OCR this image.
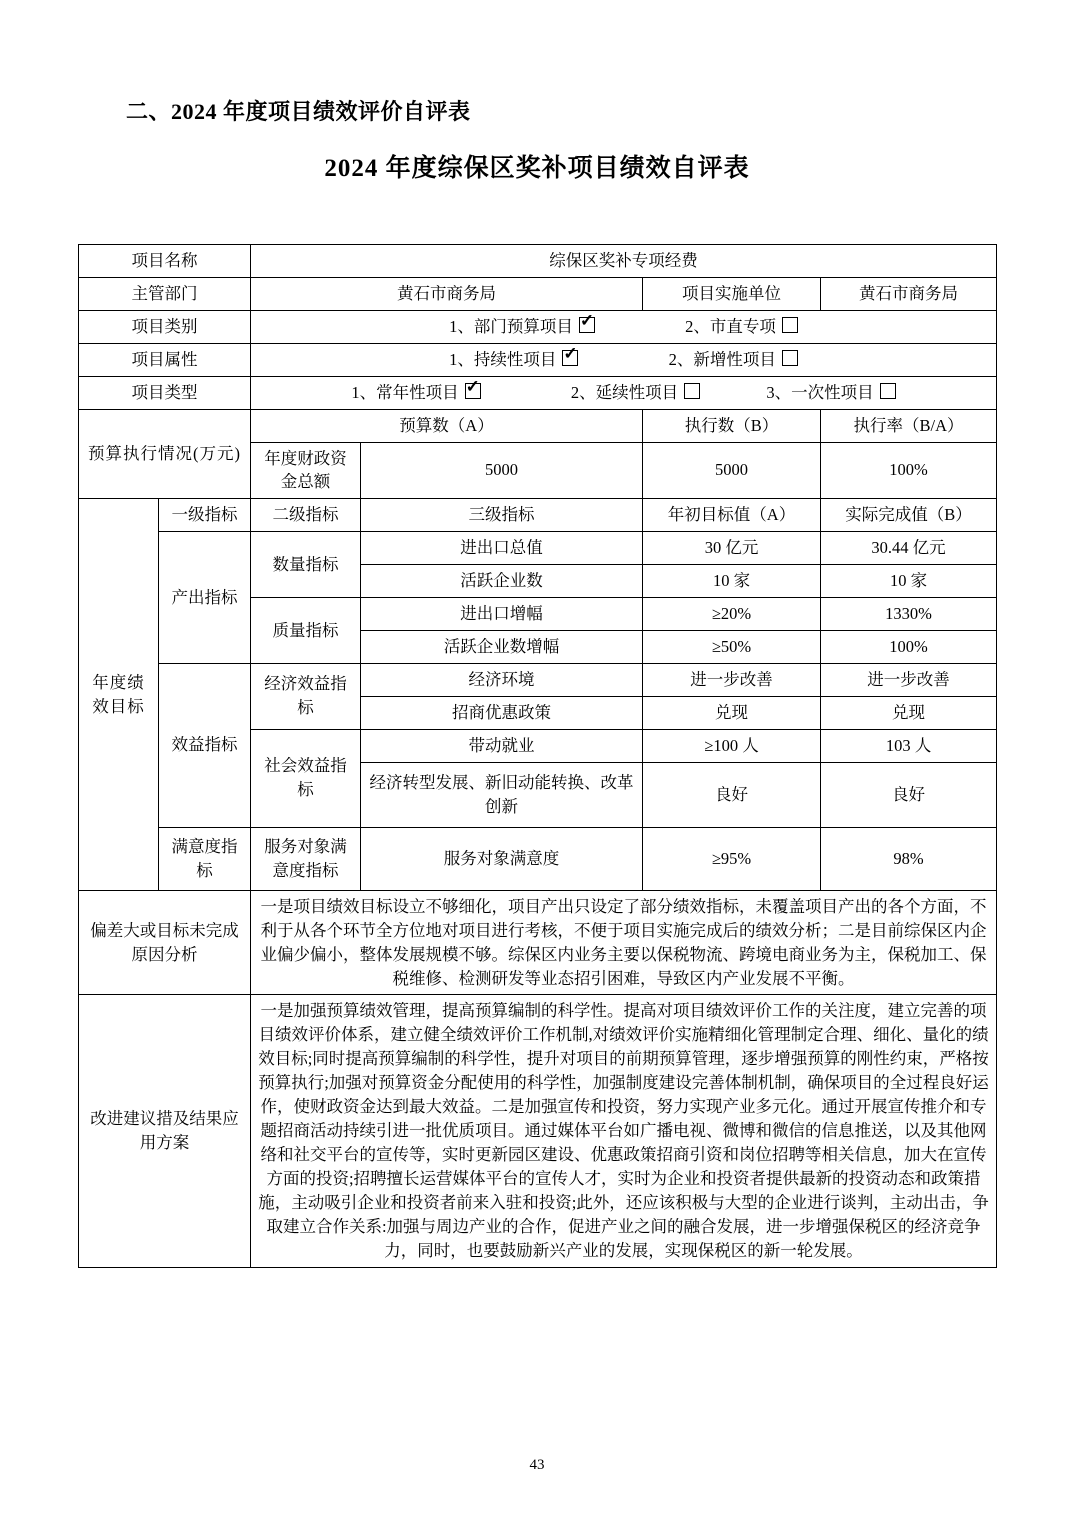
二、2024 年度项目绩效评价自评表
2024 年度综保区奖补项目绩效自评表
项目名称		综保区奖补专项经费			
主管部门		黄石市商务局		项目实施单位	黄石市商务局
项目类别		1、部门预算项目 ✓ 2、市直专项
项目属性		1、持续性项目 ✓ 2、新增性项目
项目类型		1、常年性项目 ✓ 2、延续性项目 3、一次性项目
预算执行情况(万元)		预算数（A）		执行数（B）	执行率（B/A）
		年度财政资金总额	5000	5000	100%
年度绩效目标	一级指标	二级指标	三级指标	年初目标值（A）	实际完成值（B）
	产出指标	数量指标	进出口总值	30 亿元	30.44 亿元
			活跃企业数	10 家	10 家
		质量指标	进出口增幅	≥20%	1330%
			活跃企业数增幅	≥50%	100%
	效益指标	经济效益指标	经济环境	进一步改善	进一步改善
			招商优惠政策	兑现	兑现
		社会效益指标	带动就业	≥100 人	103 人
			经济转型发展、新旧动能转换、改革创新	良好	良好
	满意度指标	服务对象满意度指标	服务对象满意度	≥95%	98%
偏差大或目标未完成原因分析		一是项目绩效目标设立不够细化，项目产出只设定了部分绩效指标，未覆盖项目产出的各个方面，不利于从各个环节全方位地对项目进行考核，不便于项目实施完成后的绩效分析；二是目前综保区内企业偏少偏小，整体发展规模不够。综保区内业务主要以保税物流、跨境电商业务为主，保税加工、保税维修、检测研发等业态招引困难，导致区内产业发展不平衡。			
改进建议措及结果应用方案		一是加强预算绩效管理，提高预算编制的科学性。提高对项目绩效评价工作的关注度，建立完善的项目绩效评价体系，建立健全绩效评价工作机制,对绩效评价实施精细化管理制定合理、细化、量化的绩效目标;同时提高预算编制的科学性，提升对项目的前期预算管理，逐步增强预算的刚性约束，严格按预算执行;加强对预算资金分配使用的科学性，加强制度建设完善体制机制，确保项目的全过程良好运作，使财政资金达到最大效益。二是加强宣传和投资，努力实现产业多元化。通过开展宣传推介和专题招商活动持续引进一批优质项目。通过媒体平台如广播电视、微博和微信的信息推送，以及其他网络和社交平台的宣传等，实时更新园区建设、优惠政策招商引资和岗位招聘等相关信息，加大在宣传方面的投资;招聘擅长运营媒体平台的宣传人才，实时为企业和投资者提供最新的投资动态和政策措施，主动吸引企业和投资者前来入驻和投资;此外，还应该积极与大型的企业进行谈判，主动出击，争取建立合作关系:加强与周边产业的合作，促进产业之间的融合发展，进一步增强保税区的经济竞争力，同时，也要鼓励新兴产业的发展，实现保税区的新一轮发展。			
43
